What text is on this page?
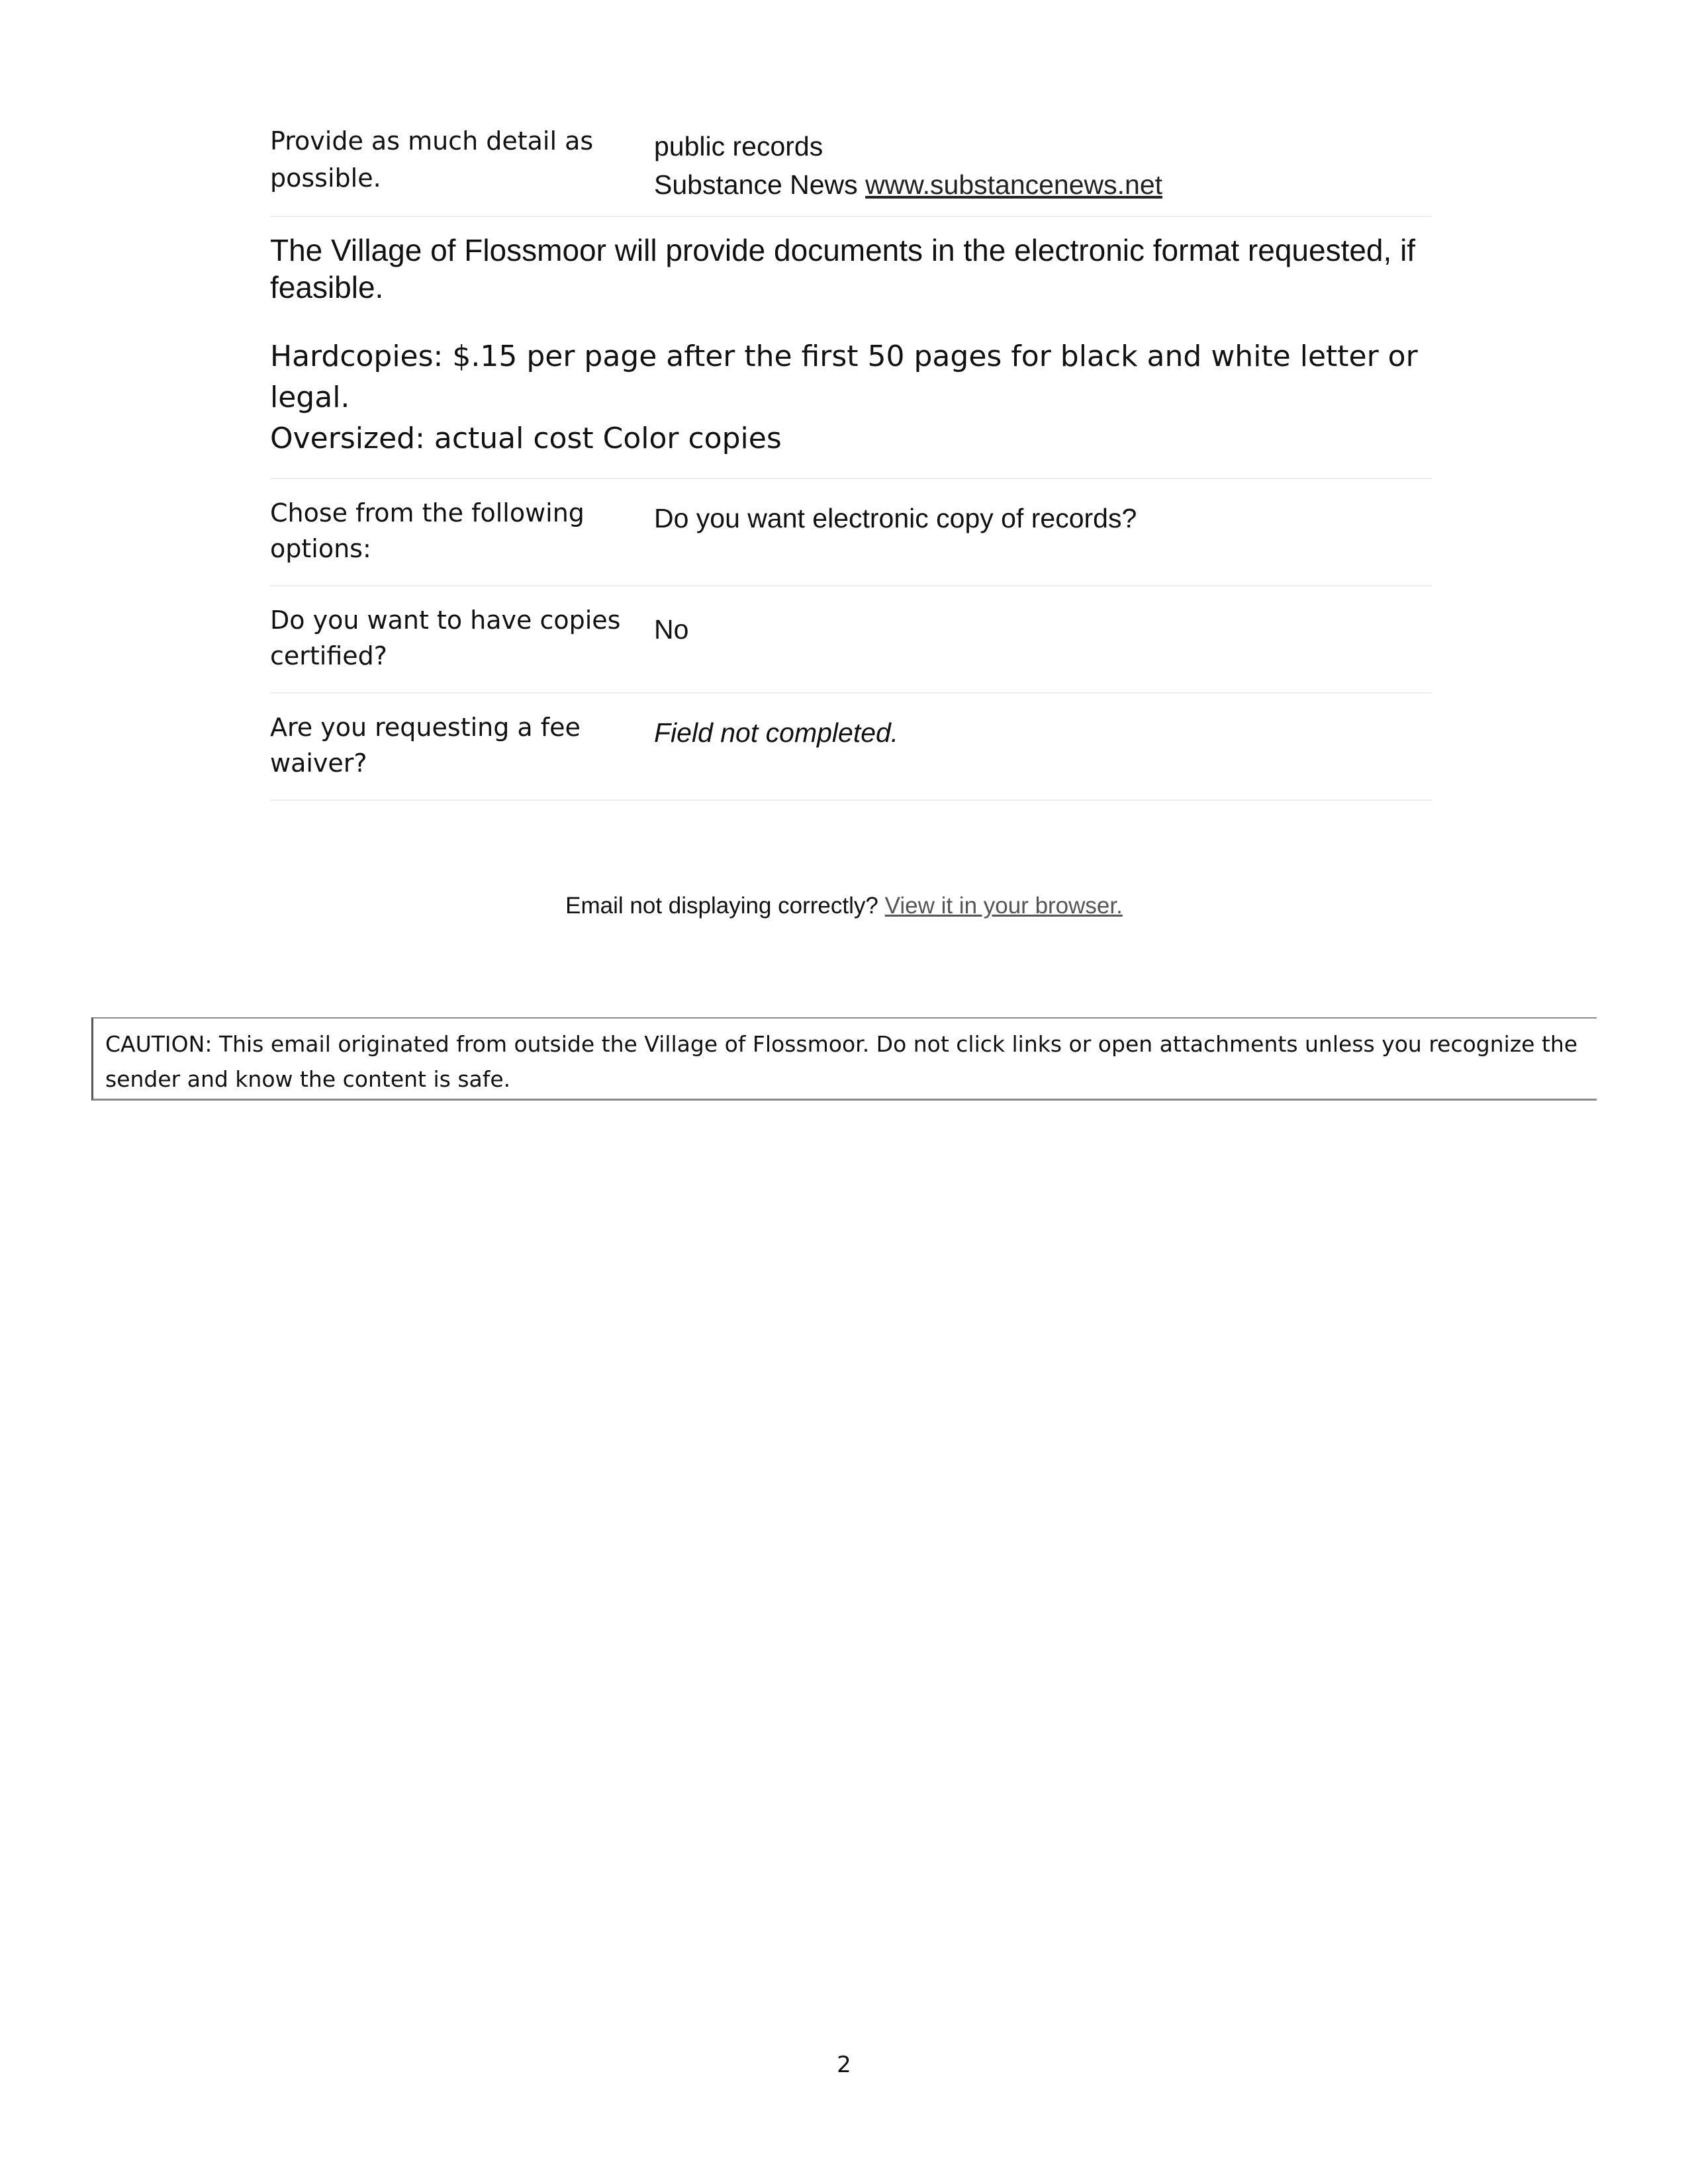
Provide as much detail as possible.
public records
Substance News www.substancenews.net
The Village of Flossmoor will provide documents in the electronic format requested, if feasible.
Hardcopies: $.15 per page after the first 50 pages for black and white letter or legal.
Oversized: actual cost Color copies
Chose from the following options:
Do you want electronic copy of records?
Do you want to have copies certified?
No
Are you requesting a fee waiver?
Field not completed.
Email not displaying correctly? View it in your browser.
CAUTION: This email originated from outside the Village of Flossmoor. Do not click links or open attachments unless you recognize the sender and know the content is safe.
2
